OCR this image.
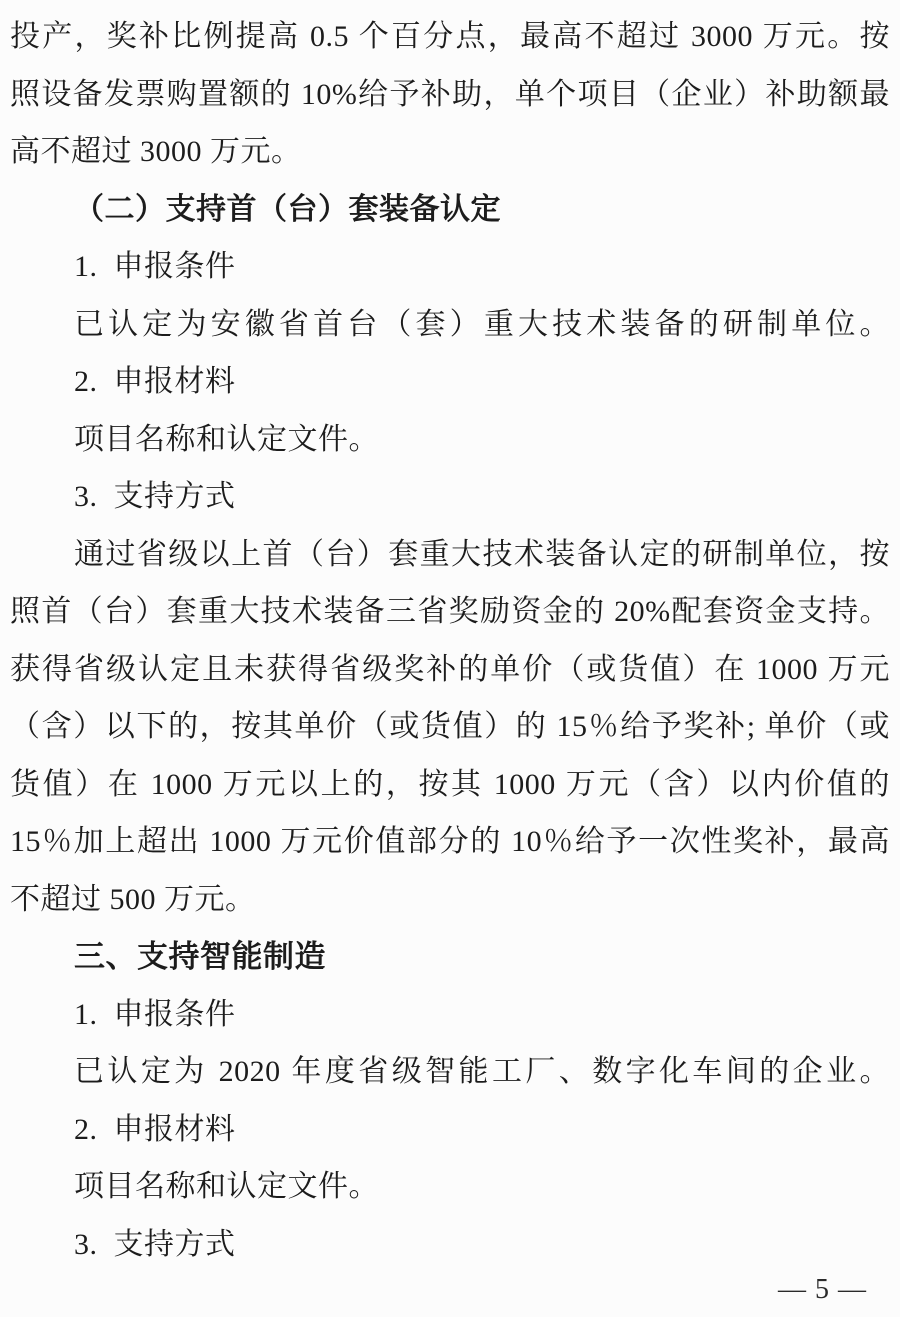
投产，奖补比例提高 0.5 个百分点，最高不超过 3000 万元。按
照设备发票购置额的 10%给予补助，单个项目（企业）补助额最
高不超过 3000 万元。
（二）支持首（台）套装备认定
1.  申报条件
已认定为安徽省首台（套）重大技术装备的研制单位。
2.  申报材料
项目名称和认定文件。
3.  支持方式
通过省级以上首（台）套重大技术装备认定的研制单位，按
照首（台）套重大技术装备三省奖励资金的 20%配套资金支持。
获得省级认定且未获得省级奖补的单价（或货值）在 1000 万元
（含）以下的，按其单价（或货值）的 15％给予奖补; 单价（或
货值）在 1000 万元以上的，按其 1000 万元（含）以内价值的
15％加上超出 1000 万元价值部分的 10％给予一次性奖补，最高
不超过 500 万元。
三、支持智能制造
1.  申报条件
已认定为 2020 年度省级智能工厂、数字化车间的企业。
2.  申报材料
项目名称和认定文件。
3.  支持方式
— 5 —
